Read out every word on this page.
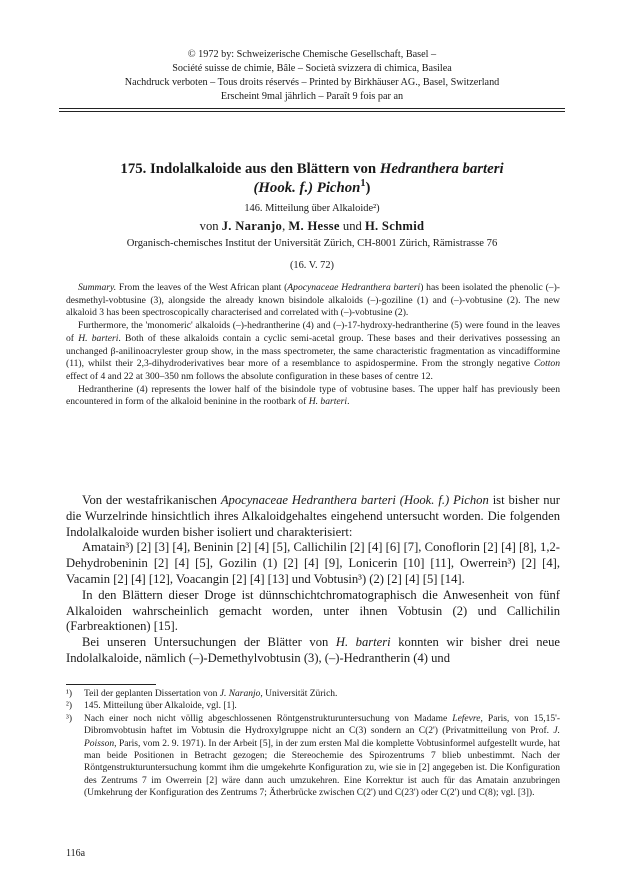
© 1972 by: Schweizerische Chemische Gesellschaft, Basel –

Société suisse de chimie, Bâle – Società svizzera di chimica, Basilea

Nachdruck verboten – Tous droits réservés – Printed by Birkhäuser AG., Basel, Switzerland

Erscheint 9mal jährlich – Paraît 9 fois par an

175. Indolalkaloide aus den Blättern von Hedranthera barteri

(Hook. f.) Pichon$^1$)

146. Mitteilung über Alkaloide²)

von J. Naranjo, M. Hesse und H. Schmid

Organisch-chemisches Institut der Universität Zürich, CH-8001 Zürich, Rämistrasse 76

(16. V. 72)

Summary. From the leaves of the West African plant (Apocynaceae Hedranthera barteri) has been isolated the phenolic (–)-desmethyl-vobtusine (3), alongside the already known bisindole alkaloids (–)-goziline (1) and (–)-vobtusine (2). The new alkaloid 3 has been spectroscopically characterised and correlated with (–)-vobtusine (2).

Furthermore, the 'monomeric' alkaloids (–)-hedrantherine (4) and (–)-17-hydroxy-hedrantherine (5) were found in the leaves of H. barteri. Both of these alkaloids contain a cyclic semi-acetal group. These bases and their derivatives possessing an unchanged β-anilinoacrylester group show, in the mass spectrometer, the same characteristic fragmentation as vincadifformine (11), whilst their 2,3-dihydroderivatives bear more of a resemblance to aspidospermine. From the strongly negative Cotton effect of 4 and 22 at 300–350 nm follows the absolute configuration in these bases of centre 12.

Hedrantherine (4) represents the lower half of the bisindole type of vobtusine bases. The upper half has previously been encountered in form of the alkaloid beninine in the rootbark of H. barteri.

Von der westafrikanischen Apocynaceae Hedranthera barteri (Hook. f.) Pichon ist bisher nur die Wurzelrinde hinsichtlich ihres Alkaloidgehaltes eingehend untersucht worden. Die folgenden Indolalkaloide wurden bisher isoliert und charakterisiert:

Amatain³) [2] [3] [4], Beninin [2] [4] [5], Callichilin [2] [4] [6] [7], Conoflorin [2] [4] [8], 1,2-Dehydrobeninin [2] [4] [5], Gozilin (1) [2] [4] [9], Lonicerin [10] [11], Owerrein³) [2] [4], Vacamin [2] [4] [12], Voacangin [2] [4] [13] und Vobtusin³) (2) [2] [4] [5] [14].

In den Blättern dieser Droge ist dünnschichtchromatographisch die Anwesenheit von fünf Alkaloiden wahrscheinlich gemacht worden, unter ihnen Vobtusin (2) und Callichilin (Farbreaktionen) [15].

Bei unseren Untersuchungen der Blätter von H. barteri konnten wir bisher drei neue Indolalkaloide, nämlich (–)-Demethylvobtusin (3), (–)-Hedrantherin (4) und

¹)	Teil der geplanten Dissertation von J. Naranjo, Universität Zürich.
²)	145. Mitteilung über Alkaloide, vgl. [1].
³)	Nach einer noch nicht völlig abgeschlossenen Röntgenstrukturuntersuchung von Madame Lefevre, Paris, von 15,15'-Dibromvobtusin haftet im Vobtusin die Hydroxylgruppe nicht an C(3) sondern an C(2') (Privatmitteilung von Prof. J. Poisson, Paris, vom 2. 9. 1971). In der Arbeit [5], in der zum ersten Mal die komplette Vobtusinformel aufgestellt wurde, hat man beide Positionen in Betracht gezogen; die Stereochemie des Spirozentrums 7 blieb unbestimmt. Nach der Röntgenstrukturuntersuchung kommt ihm die umgekehrte Konfiguration zu, wie sie in [2] angegeben ist. Die Konfiguration des Zentrums 7 im Owerrein [2] wäre dann auch umzukehren. Eine Korrektur ist auch für das Amatain anzubringen (Umkehrung der Konfiguration des Zentrums 7; Ätherbrücke zwischen C(2') und C(23') oder C(2') und C(8); vgl. [3]).

116a
